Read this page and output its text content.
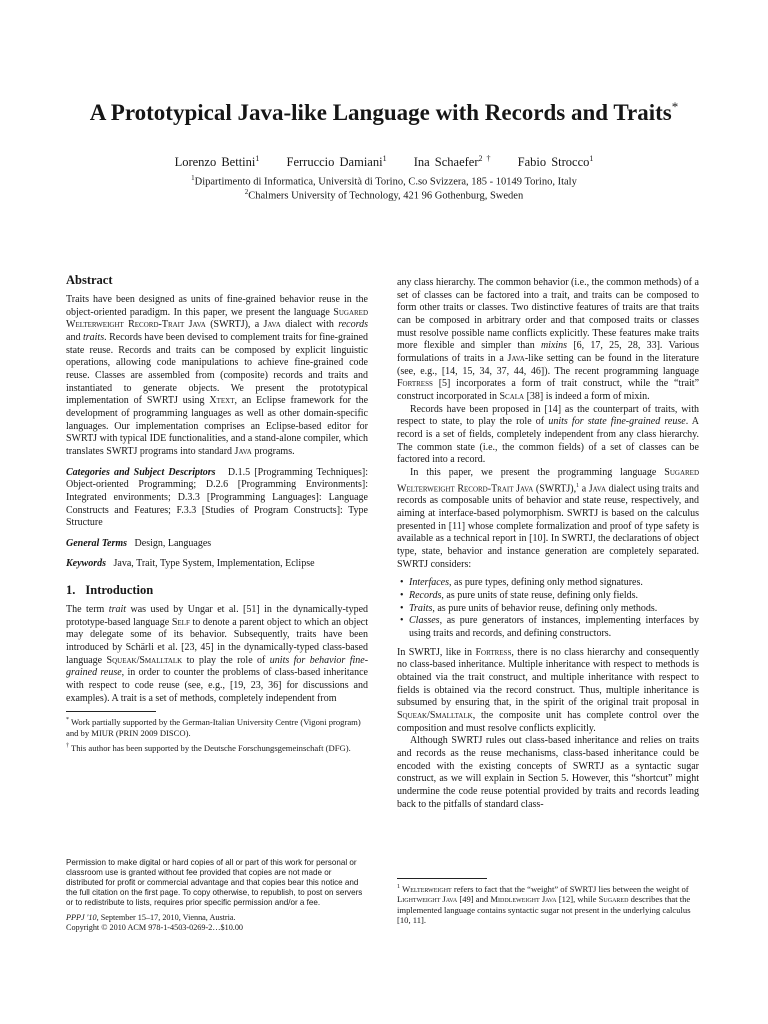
A Prototypical Java-like Language with Records and Traits*
Lorenzo Bettini$^1$ Ferruccio Damiani$^1$ Ina Schaefer$^{2 \dagger}$ Fabio Strocco$^1$
$^1$Dipartimento di Informatica, Università di Torino, C.so Svizzera, 185 - 10149 Torino, Italy
$^2$Chalmers University of Technology, 421 96 Gothenburg, Sweden
Abstract

Traits have been designed as units of fine-grained behavior reuse in the object-oriented paradigm. In this paper, we present the language Sugared Welterweight Record-Trait Java (SWRTJ), a Java dialect with records and traits. Records have been devised to complement traits for fine-grained state reuse. Records and traits can be composed by explicit linguistic operations, allowing code manipulations to achieve fine-grained code reuse. Classes are assembled from (composite) records and traits and instantiated to generate objects. We present the prototypical implementation of SWRTJ using Xtext, an Eclipse framework for the development of programming languages as well as other domain-specific languages. Our implementation comprises an Eclipse-based editor for SWRTJ with typical IDE functionalities, and a stand-alone compiler, which translates SWRTJ programs into standard Java programs.

Categories and Subject Descriptors D.1.5 [Programming Techniques]: Object-oriented Programming; D.2.6 [Programming Environments]: Integrated environments; D.3.3 [Programming Languages]: Language Constructs and Features; F.3.3 [Studies of Program Constructs]: Type Structure

General Terms Design, Languages

Keywords Java, Trait, Type System, Implementation, Eclipse

1. Introduction

The term trait was used by Ungar et al. [51] in the dynamically-typed prototype-based language Self to denote a parent object to which an object may delegate some of its behavior. Subsequently, traits have been introduced by Schärli et al. [23, 45] in the dynamically-typed class-based language Squeak/Smalltalk to play the role of units for behavior fine-grained reuse, in order to counter the problems of class-based inheritance with respect to code reuse (see, e.g., [19, 23, 36] for discussions and examples). A trait is a set of methods, completely independent from

* Work partially supported by the German-Italian University Centre (Vigoni program) and by MIUR (PRIN 2009 DISCO).

† This author has been supported by the Deutsche Forschungsgemeinschaft (DFG).

Permission to make digital or hard copies of all or part of this work for personal or classroom use is granted without fee provided that copies are not made or distributed for profit or commercial advantage and that copies bear this notice and the full citation on the first page. To copy otherwise, to republish, to post on servers or to redistribute to lists, requires prior specific permission and/or a fee.
PPPJ '10, September 15–17, 2010, Vienna, Austria.
Copyright © 2010 ACM 978-1-4503-0269-2…$10.00

any class hierarchy. The common behavior (i.e., the common methods) of a set of classes can be factored into a trait, and traits can be composed to form other traits or classes. Two distinctive features of traits are that traits can be composed in arbitrary order and that composed traits or classes must resolve possible name conflicts explicitly. These features make traits more flexible and simpler than mixins [6, 17, 25, 28, 33]. Various formulations of traits in a Java-like setting can be found in the literature (see, e.g., [14, 15, 34, 37, 44, 46]). The recent programming language Fortress [5] incorporates a form of trait construct, while the “trait” construct incorporated in Scala [38] is indeed a form of mixin.

Records have been proposed in [14] as the counterpart of traits, with respect to state, to play the role of units for state fine-grained reuse. A record is a set of fields, completely independent from any class hierarchy. The common state (i.e., the common fields) of a set of classes can be factored into a record.

In this paper, we present the programming language Sugared Welterweight Record-Trait Java (SWRTJ),$^1$ a Java dialect using traits and records as composable units of behavior and state reuse, respectively, and aiming at interface-based polymorphism. SWRTJ is based on the calculus presented in [11] whose complete formalization and proof of type safety is available as a technical report in [10]. In SWRTJ, the declarations of object type, state, behavior and instance generation are completely separated. SWRTJ considers:

• Interfaces, as pure types, defining only method signatures.
• Records, as pure units of state reuse, defining only fields.
• Traits, as pure units of behavior reuse, defining only methods.
• Classes, as pure generators of instances, implementing interfaces by using traits and records, and defining constructors.

In SWRTJ, like in Fortress, there is no class hierarchy and consequently no class-based inheritance. Multiple inheritance with respect to methods is obtained via the trait construct, and multiple inheritance with respect to fields is obtained via the record construct. Thus, multiple inheritance is subsumed by ensuring that, in the spirit of the original trait proposal in Squeak/Smalltalk, the composite unit has complete control over the composition and must resolve conflicts explicitly.

Although SWRTJ rules out class-based inheritance and relies on traits and records as the reuse mechanisms, class-based inheritance could be encoded with the existing concepts of SWRTJ as a syntactic sugar construct, as we will explain in Section 5. However, this “shortcut” might undermine the code reuse potential provided by traits and records leading back to the pitfalls of standard class-

$^1$ Welterweight refers to fact that the “weight” of SWRTJ lies between the weight of Lightweight Java [49] and Middleweight Java [12], while Sugared describes that the implemented language contains syntactic sugar not present in the underlying calculus [10, 11].
